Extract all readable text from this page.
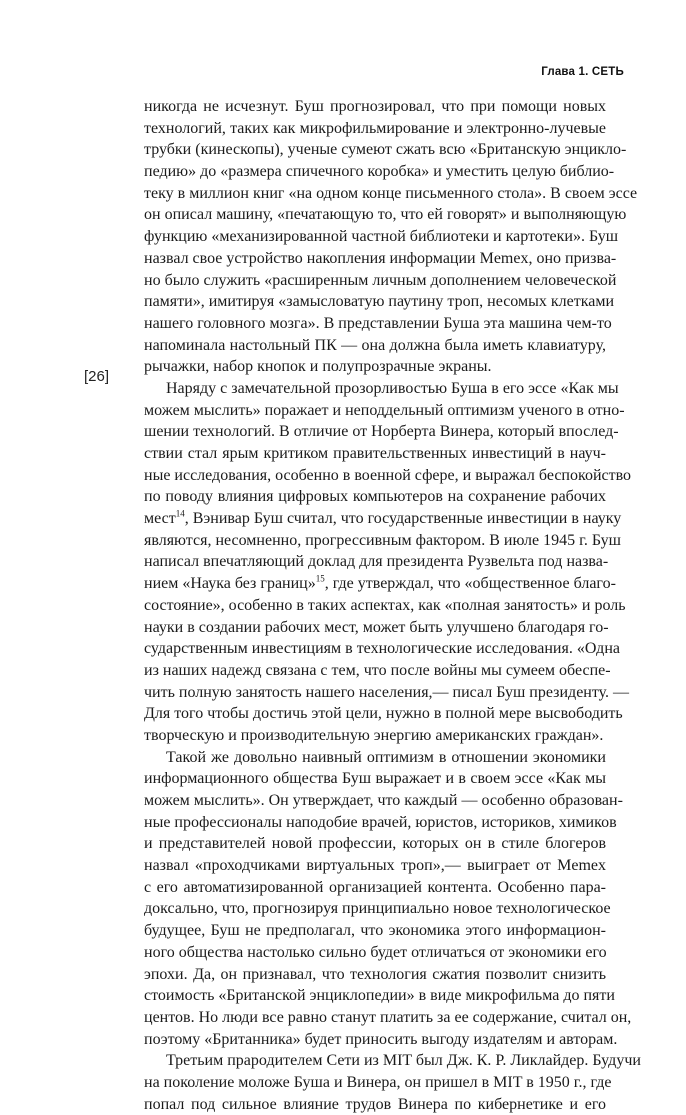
Глава 1. СЕТЬ
[26]
никогда не исчезнут. Буш прогнозировал, что при помощи новых
технологий, таких как микрофильмирование и электронно-лучевые
трубки (кинескопы), ученые сумеют сжать всю «Британскую энцикло-
педию» до «размера спичечного коробка» и уместить целую библио-
теку в миллион книг «на одном конце письменного стола». В своем эссе
он описал машину, «печатающую то, что ей говорят» и выполняющую
функцию «механизированной частной библиотеки и картотеки». Буш
назвал свое устройство накопления информации Memex, оно призва-
но было служить «расширенным личным дополнением человеческой
памяти», имитируя «замысловатую паутину троп, несомых клетками
нашего головного мозга». В представлении Буша эта машина чем-то
напоминала настольный ПК — она должна была иметь клавиатуру,
рычажки, набор кнопок и полупрозрачные экраны.
Наряду с замечательной прозорливостью Буша в его эссе «Как мы
можем мыслить» поражает и неподдельный оптимизм ученого в отно-
шении технологий. В отличие от Норберта Винера, который впослед-
ствии стал ярым критиком правительственных инвестиций в науч-
ные исследования, особенно в военной сфере, и выражал беспокойство
по поводу влияния цифровых компьютеров на сохранение рабочих
мест$^{14}$, Вэнивар Буш считал, что государственные инвестиции в науку
являются, несомненно, прогрессивным фактором. В июле 1945 г. Буш
написал впечатляющий доклад для президента Рузвельта под назва-
нием «Наука без границ»$^{15}$, где утверждал, что «общественное благо-
состояние», особенно в таких аспектах, как «полная занятость» и роль
науки в создании рабочих мест, может быть улучшено благодаря го-
сударственным инвестициям в технологические исследования. «Одна
из наших надежд связана с тем, что после войны мы сумеем обеспе-
чить полную занятость нашего населения,— писал Буш президенту. —
Для того чтобы достичь этой цели, нужно в полной мере высвободить
творческую и производительную энергию американских граждан».
Такой же довольно наивный оптимизм в отношении экономики
информационного общества Буш выражает и в своем эссе «Как мы
можем мыслить». Он утверждает, что каждый — особенно образован-
ные профессионалы наподобие врачей, юристов, историков, химиков
и представителей новой профессии, которых он в стиле блогеров
назвал «проходчиками виртуальных троп»,— выиграет от Memex
с его автоматизированной организацией контента. Особенно пара-
доксально, что, прогнозируя принципиально новое технологическое
будущее, Буш не предполагал, что экономика этого информацион-
ного общества настолько сильно будет отличаться от экономики его
эпохи. Да, он признавал, что технология сжатия позволит снизить
стоимость «Британской энциклопедии» в виде микрофильма до пяти
центов. Но люди все равно станут платить за ее содержание, считал он,
поэтому «Британника» будет приносить выгоду издателям и авторам.
Третьим прародителем Сети из MIT был Дж. К. Р. Ликлайдер. Будучи
на поколение моложе Буша и Винера, он пришел в MIT в 1950 г., где
попал под сильное влияние трудов Винера по кибернетике и его
